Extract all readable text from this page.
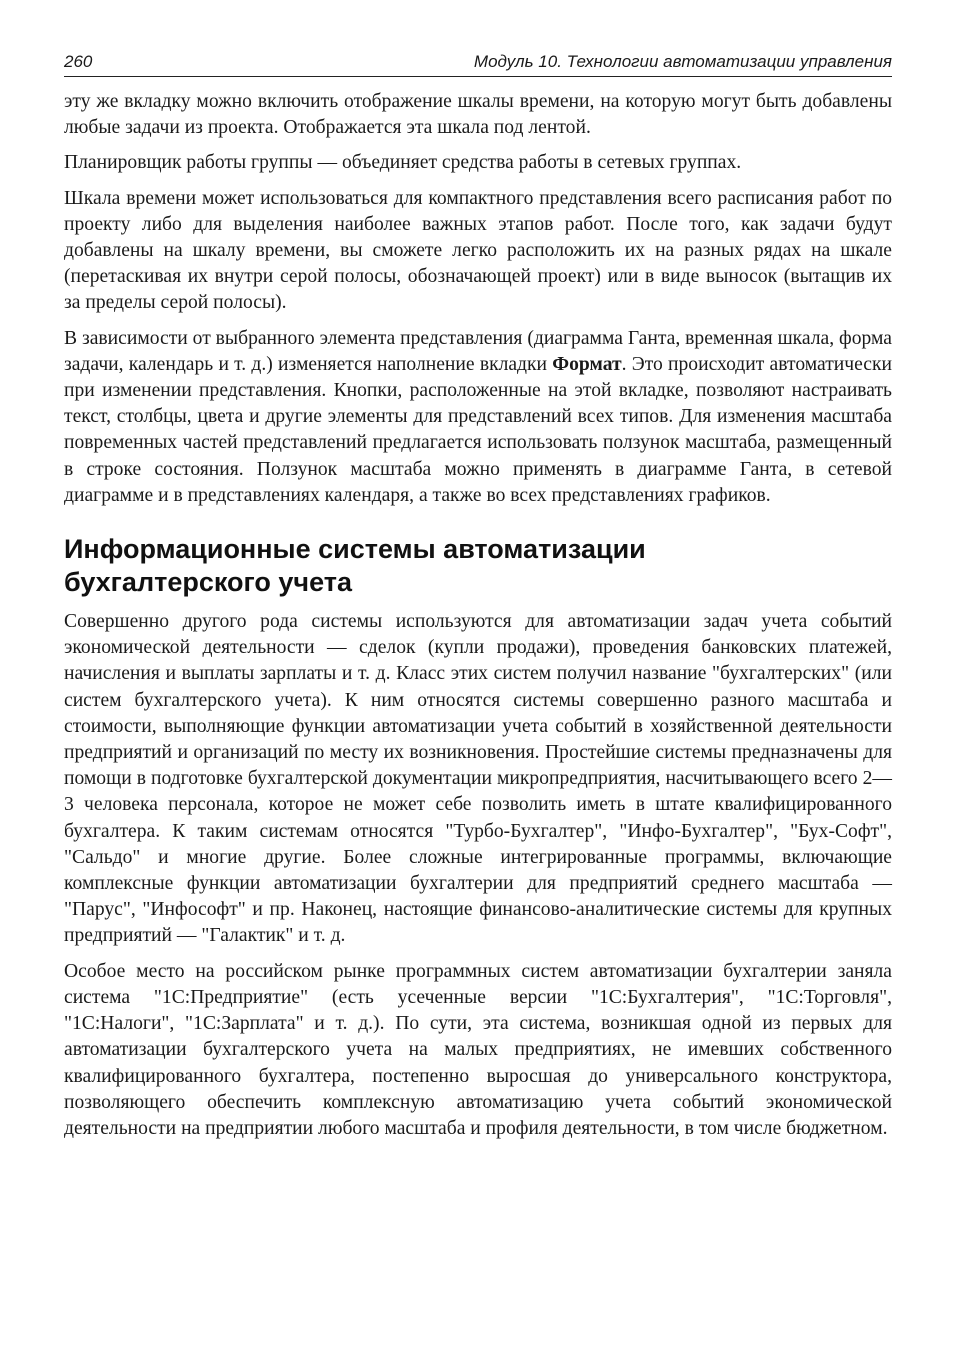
260	Модуль 10. Технологии автоматизации управления

эту же вкладку можно включить отображение шкалы времени, на которую могут быть добавлены любые задачи из проекта. Отображается эта шкала под лентой.

Планировщик работы группы — объединяет средства работы в сетевых группах.

Шкала времени может использоваться для компактного представления всего расписания работ по проекту либо для выделения наиболее важных этапов работ. После того, как задачи будут добавлены на шкалу времени, вы сможете легко расположить их на разных рядах на шкале (перетаскивая их внутри серой полосы, обозначающей проект) или в виде выносок (вытащив их за пределы серой полосы).

В зависимости от выбранного элемента представления (диаграмма Ганта, временная шкала, форма задачи, календарь и т. д.) изменяется наполнение вкладки Формат. Это происходит автоматически при изменении представления. Кнопки, расположенные на этой вкладке, позволяют настраивать текст, столбцы, цвета и другие элементы для представлений всех типов. Для изменения масштаба повременных частей представлений предлагается использовать ползунок масштаба, размещенный в строке состояния. Ползунок масштаба можно применять в диаграмме Ганта, в сетевой диаграмме и в представлениях календаря, а также во всех представлениях графиков.

Информационные системы автоматизации
бухгалтерского учета

Совершенно другого рода системы используются для автоматизации задач учета событий экономической деятельности — сделок (купли продажи), проведения банковских платежей, начисления и выплаты зарплаты и т. д. Класс этих систем получил название "бухгалтерских" (или систем бухгалтерского учета). К ним относятся системы совершенно разного масштаба и стоимости, выполняющие функции автоматизации учета событий в хозяйственной деятельности предприятий и организаций по месту их возникновения. Простейшие системы предназначены для помощи в подготовке бухгалтерской документации микропредприятия, насчитывающего всего 2—3 человека персонала, которое не может себе позволить иметь в штате квалифицированного бухгалтера. К таким системам относятся "Турбо-Бухгалтер", "Инфо-Бухгалтер", "Бух-Софт", "Сальдо" и многие другие. Более сложные интегрированные программы, включающие комплексные функции автоматизации бухгалтерии для предприятий среднего масштаба — "Парус", "Инфософт" и пр. Наконец, настоящие финансово-аналитические системы для крупных предприятий — "Галактик" и т. д.

Особое место на российском рынке программных систем автоматизации бухгалтерии заняла система "1С:Предприятие" (есть усеченные версии "1С:Бухгалтерия", "1С:Торговля", "1С:Налоги", "1С:Зарплата" и т. д.). По сути, эта система, возникшая одной из первых для автоматизации бухгалтерского учета на малых предприятиях, не имевших собственного квалифицированного бухгалтера, постепенно выросшая до универсального конструктора, позволяющего обеспечить комплексную автоматизацию учета событий экономической деятельности на предприятии любого масштаба и профиля деятельности, в том числе бюджетном.
